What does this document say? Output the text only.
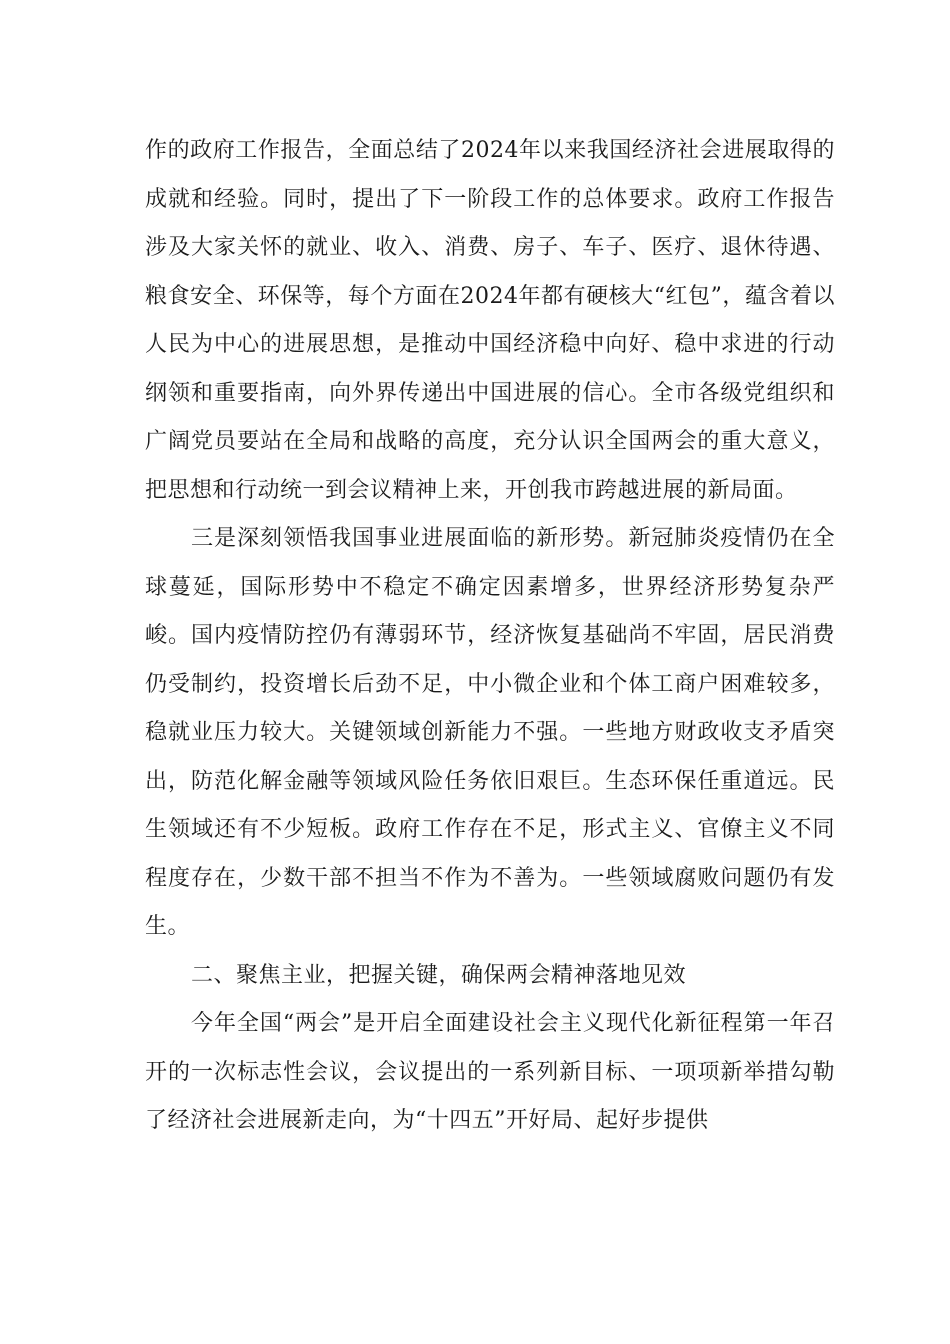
作的政府工作报告，全面总结了2024年以来我国经济社会进展取得的成就和经验。同时，提出了下一阶段工作的总体要求。政府工作报告涉及大家关怀的就业、收入、消费、房子、车子、医疗、退休待遇、粮食安全、环保等，每个方面在2024年都有硬核大“红包”，蕴含着以人民为中心的进展思想，是推动中国经济稳中向好、稳中求进的行动纲领和重要指南，向外界传递出中国进展的信心。全市各级党组织和广阔党员要站在全局和战略的高度，充分认识全国两会的重大意义，把思想和行动统一到会议精神上来，开创我市跨越进展的新局面。

三是深刻领悟我国事业进展面临的新形势。新冠肺炎疫情仍在全球蔓延，国际形势中不稳定不确定因素增多，世界经济形势复杂严峻。国内疫情防控仍有薄弱环节，经济恢复基础尚不牢固，居民消费仍受制约，投资增长后劲不足，中小微企业和个体工商户困难较多，稳就业压力较大。关键领域创新能力不强。一些地方财政收支矛盾突出，防范化解金融等领域风险任务依旧艰巨。生态环保任重道远。民生领域还有不少短板。政府工作存在不足，形式主义、官僚主义不同程度存在，少数干部不担当不作为不善为。一些领域腐败问题仍有发生。

二、聚焦主业，把握关键，确保两会精神落地见效

今年全国“两会”是开启全面建设社会主义现代化新征程第一年召开的一次标志性会议，会议提出的一系列新目标、一项项新举措勾勒了经济社会进展新走向，为“十四五”开好局、起好步提供
